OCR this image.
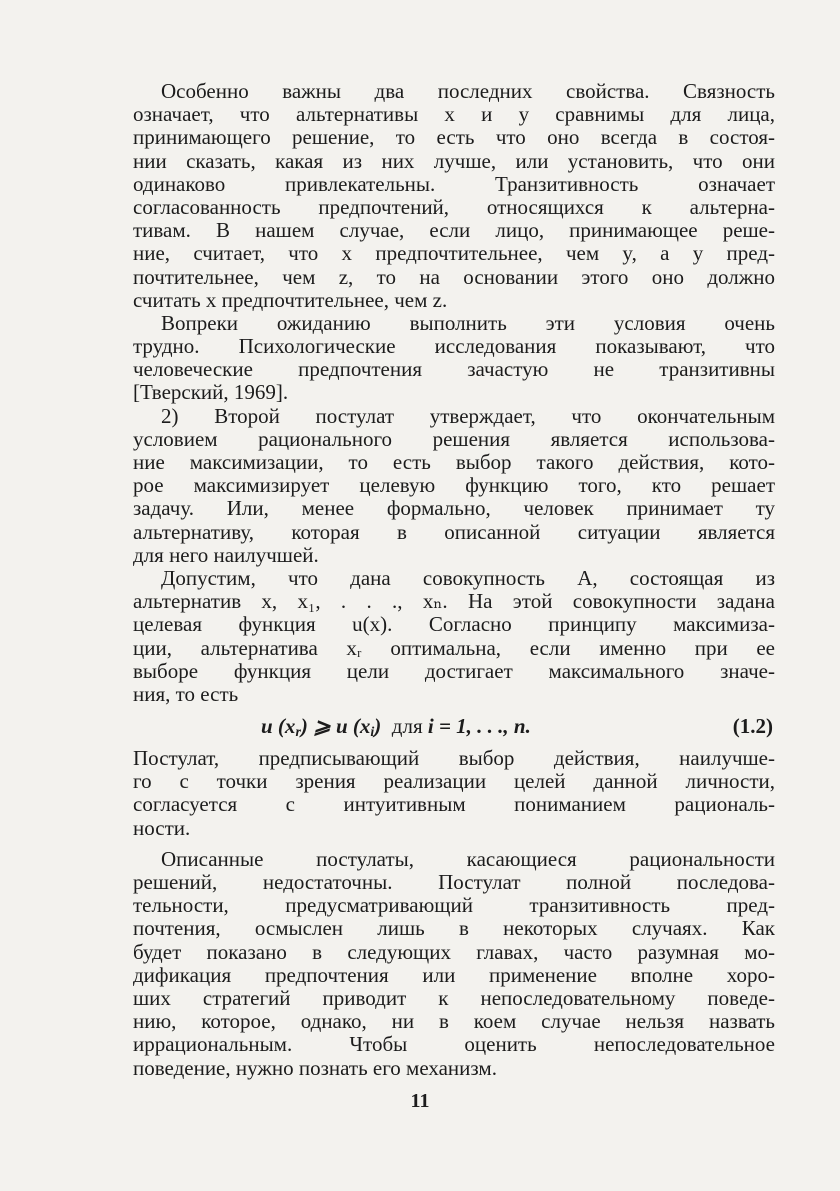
Особенно важны два последних свойства. Связность
означает, что альтернативы x и y сравнимы для лица,
принимающего решение, то есть что оно всегда в состоя-
нии сказать, какая из них лучше, или установить, что они
одинаково привлекательны. Транзитивность означает
согласованность предпочтений, относящихся к альтерна-
тивам. В нашем случае, если лицо, принимающее реше-
ние, считает, что x предпочтительнее, чем y, а y пред-
почтительнее, чем z, то на основании этого оно должно
считать x предпочтительнее, чем z.
Вопреки ожиданию выполнить эти условия очень
трудно. Психологические исследования показывают, что
человеческие предпочтения зачастую не транзитивны
[Тверский, 1969].
2) Второй постулат утверждает, что окончательным
условием рационального решения является использова-
ние максимизации, то есть выбор такого действия, кото-
рое максимизирует целевую функцию того, кто решает
задачу. Или, менее формально, человек принимает ту
альтернативу, которая в описанной ситуации является
для него наилучшей.
Допустим, что дана совокупность A, состоящая из
альтернатив x, x₁, . . ., xₙ. На этой совокупности задана
целевая функция u(x). Согласно принципу максимиза-
ции, альтернатива xᵣ оптимальна, если именно при ее
выборе функция цели достигает максимального значе-
ния, то есть
u $(x_r)$ ⩾ u $(x_i)$ для i = 1, . . ., n.	(1.2)
Постулат, предписывающий выбор действия, наилучше-
го с точки зрения реализации целей данной личности,
согласуется с интуитивным пониманием рациональ-
ности.
Описанные постулаты, касающиеся рациональности
решений, недостаточны. Постулат полной последова-
тельности, предусматривающий транзитивность пред-
почтения, осмыслен лишь в некоторых случаях. Как
будет показано в следующих главах, часто разумная мо-
дификация предпочтения или применение вполне хоро-
ших стратегий приводит к непоследовательному поведе-
нию, которое, однако, ни в коем случае нельзя назвать
иррациональным. Чтобы оценить непоследовательное
поведение, нужно познать его механизм.
11
